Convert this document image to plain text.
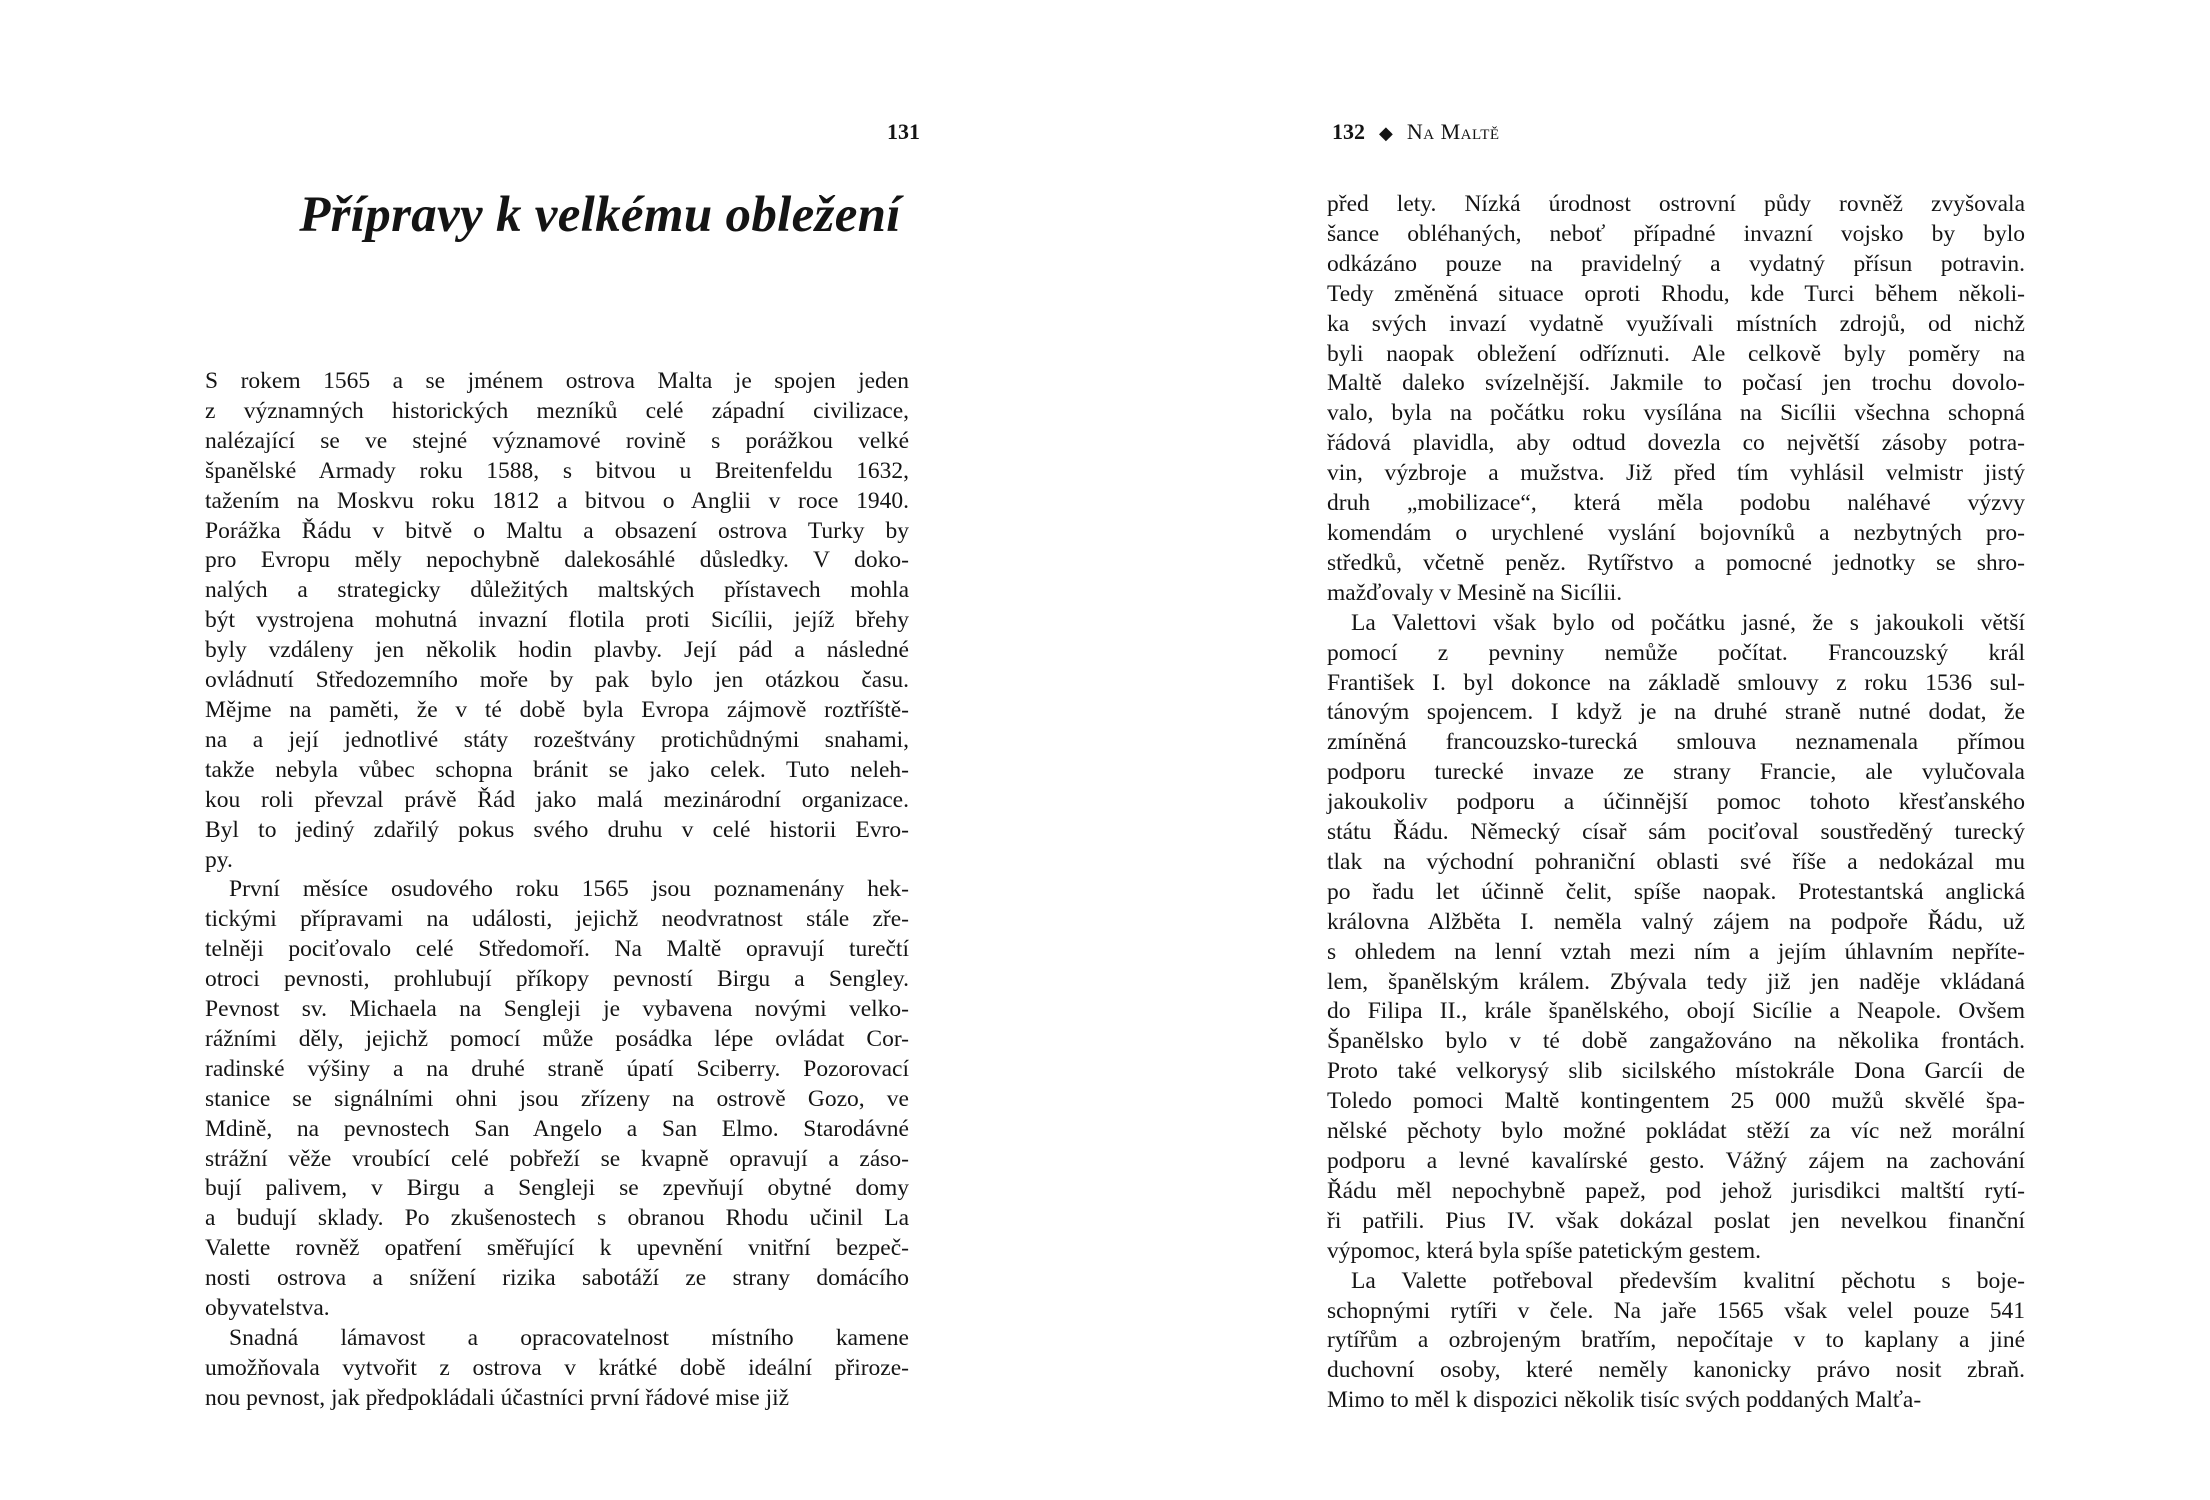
131
Přípravy k velkému obležení

S rokem 1565 a se jménem ostrova Malta je spojen jeden
z významných historických mezníků celé západní civilizace,
nalézající se ve stejné významové rovině s porážkou velké
španělské Armady roku 1588, s bitvou u Breitenfeldu 1632,
tažením na Moskvu roku 1812 a bitvou o Anglii v roce 1940.
Porážka Řádu v bitvě o Maltu a obsazení ostrova Turky by
pro Evropu měly nepochybně dalekosáhlé důsledky. V doko-
nalých a strategicky důležitých maltských přístavech mohla
být vystrojena mohutná invazní flotila proti Sicílii, jejíž břehy
byly vzdáleny jen několik hodin plavby. Její pád a následné
ovládnutí Středozemního moře by pak bylo jen otázkou času.
Mějme na paměti, že v té době byla Evropa zájmově roztříště-
na a její jednotlivé státy rozeštvány protichůdnými snahami,
takže nebyla vůbec schopna bránit se jako celek. Tuto neleh-
kou roli převzal právě Řád jako malá mezinárodní organizace.
Byl to jediný zdařilý pokus svého druhu v celé historii Evro-
py.

První měsíce osudového roku 1565 jsou poznamenány hek-
tickými přípravami na události, jejichž neodvratnost stále zře-
telněji pociťovalo celé Středomoří. Na Maltě opravují turečtí
otroci pevnosti, prohlubují příkopy pevností Birgu a Sengley.
Pevnost sv. Michaela na Sengleji je vybavena novými velko-
rážními děly, jejichž pomocí může posádka lépe ovládat Cor-
radinské výšiny a na druhé straně úpatí Sciberry. Pozorovací
stanice se signálními ohni jsou zřízeny na ostrově Gozo, ve
Mdině, na pevnostech San Angelo a San Elmo. Starodávné
strážní věže vroubící celé pobřeží se kvapně opravují a záso-
bují palivem, v Birgu a Sengleji se zpevňují obytné domy
a budují sklady. Po zkušenostech s obranou Rhodu učinil La
Valette rovněž opatření směřující k upevnění vnitřní bezpeč-
nosti ostrova a snížení rizika sabotáží ze strany domácího
obyvatelstva.

Snadná lámavost a opracovatelnost místního kamene
umožňovala vytvořit z ostrova v krátké době ideální přiroze-
nou pevnost, jak předpokládali účastníci první řádové mise již

132 ◆ Na Maltě

před lety. Nízká úrodnost ostrovní půdy rovněž zvyšovala
šance obléhaných, neboť případné invazní vojsko by bylo
odkázáno pouze na pravidelný a vydatný přísun potravin.
Tedy změněná situace oproti Rhodu, kde Turci během několi-
ka svých invazí vydatně využívali místních zdrojů, od nichž
byli naopak obležení odříznuti. Ale celkově byly poměry na
Maltě daleko svízelnější. Jakmile to počasí jen trochu dovolo-
valo, byla na počátku roku vysílána na Sicílii všechna schopná
řádová plavidla, aby odtud dovezla co největší zásoby potra-
vin, výzbroje a mužstva. Již před tím vyhlásil velmistr jistý
druh „mobilizace“, která měla podobu naléhavé výzvy
komendám o urychlené vyslání bojovníků a nezbytných pro-
středků, včetně peněz. Rytířstvo a pomocné jednotky se shro-
mažďovaly v Mesině na Sicílii.

La Valettovi však bylo od počátku jasné, že s jakoukoli větší
pomocí z pevniny nemůže počítat. Francouzský král
František I. byl dokonce na základě smlouvy z roku 1536 sul-
tánovým spojencem. I když je na druhé straně nutné dodat, že
zmíněná francouzsko-turecká smlouva neznamenala přímou
podporu turecké invaze ze strany Francie, ale vylučovala
jakoukoliv podporu a účinnější pomoc tohoto křesťanského
státu Řádu. Německý císař sám pociťoval soustředěný turecký
tlak na východní pohraniční oblasti své říše a nedokázal mu
po řadu let účinně čelit, spíše naopak. Protestantská anglická
královna Alžběta I. neměla valný zájem na podpoře Řádu, už
s ohledem na lenní vztah mezi ním a jejím úhlavním nepříte-
lem, španělským králem. Zbývala tedy již jen naděje vkládaná
do Filipa II., krále španělského, obojí Sicílie a Neapole. Ovšem
Španělsko bylo v té době zangažováno na několika frontách.
Proto také velkorysý slib sicilského místokrále Dona Garcíi de
Toledo pomoci Maltě kontingentem 25 000 mužů skvělé špa-
nělské pěchoty bylo možné pokládat stěží za víc než morální
podporu a levné kavalírské gesto. Vážný zájem na zachování
Řádu měl nepochybně papež, pod jehož jurisdikci maltští rytí-
ři patřili. Pius IV. však dokázal poslat jen nevelkou finanční
výpomoc, která byla spíše patetickým gestem.

La Valette potřeboval především kvalitní pěchotu s boje-
schopnými rytíři v čele. Na jaře 1565 však velel pouze 541
rytířům a ozbrojeným bratřím, nepočítaje v to kaplany a jiné
duchovní osoby, které neměly kanonicky právo nosit zbraň.
Mimo to měl k dispozici několik tisíc svých poddaných Malťa-
